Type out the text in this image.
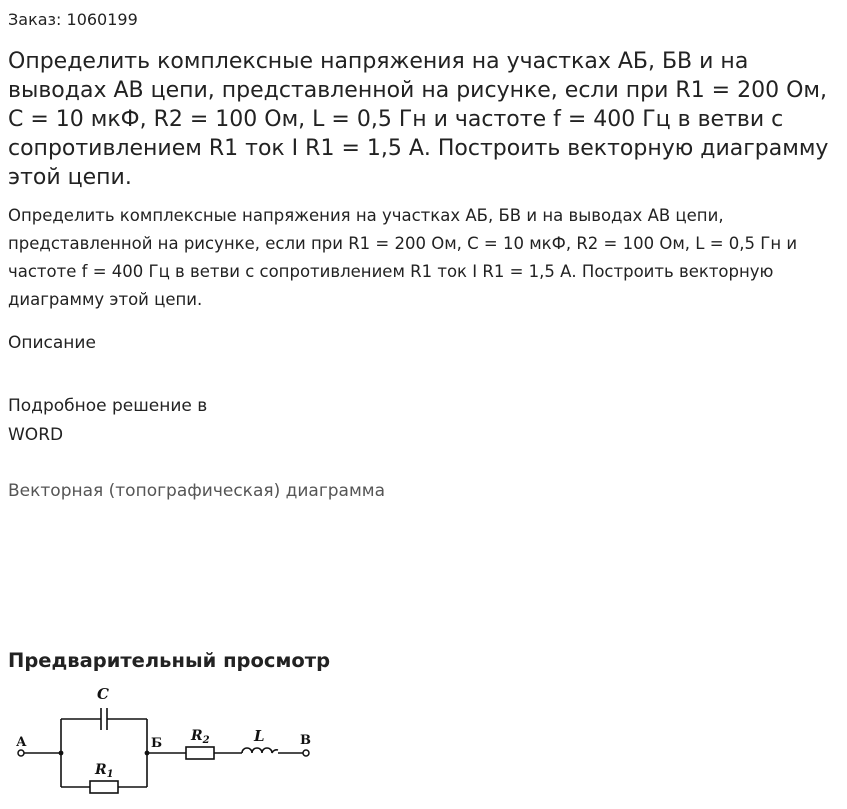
Заказ: 1060199
Определить комплексные напряжения на участках АБ, БВ и на выводах АВ цепи, представленной на рисунке, если при R1 = 200 Ом, С = 10 мкФ, R2 = 100 Ом, L = 0,5 Гн и частоте f = 400 Гц в ветви с сопротивлением R1 ток I R1 = 1,5 А. Построить векторную диаграмму этой цепи.

Определить комплексные напряжения на участках АБ, БВ и на выводах АВ цепи, представленной на рисунке, если при R1 = 200 Ом, С = 10 мкФ, R2 = 100 Ом, L = 0,5 Гн и частоте f = 400 Гц в ветви с сопротивлением R1 ток I R1 = 1,5 А. Построить векторную диаграмму этой цепи.

Описание
Подробное решение в WORD
Векторная (топографическая) диаграмма
Предварительный просмотр
А	Б	В
C
$R_1$
$R_2$	L
